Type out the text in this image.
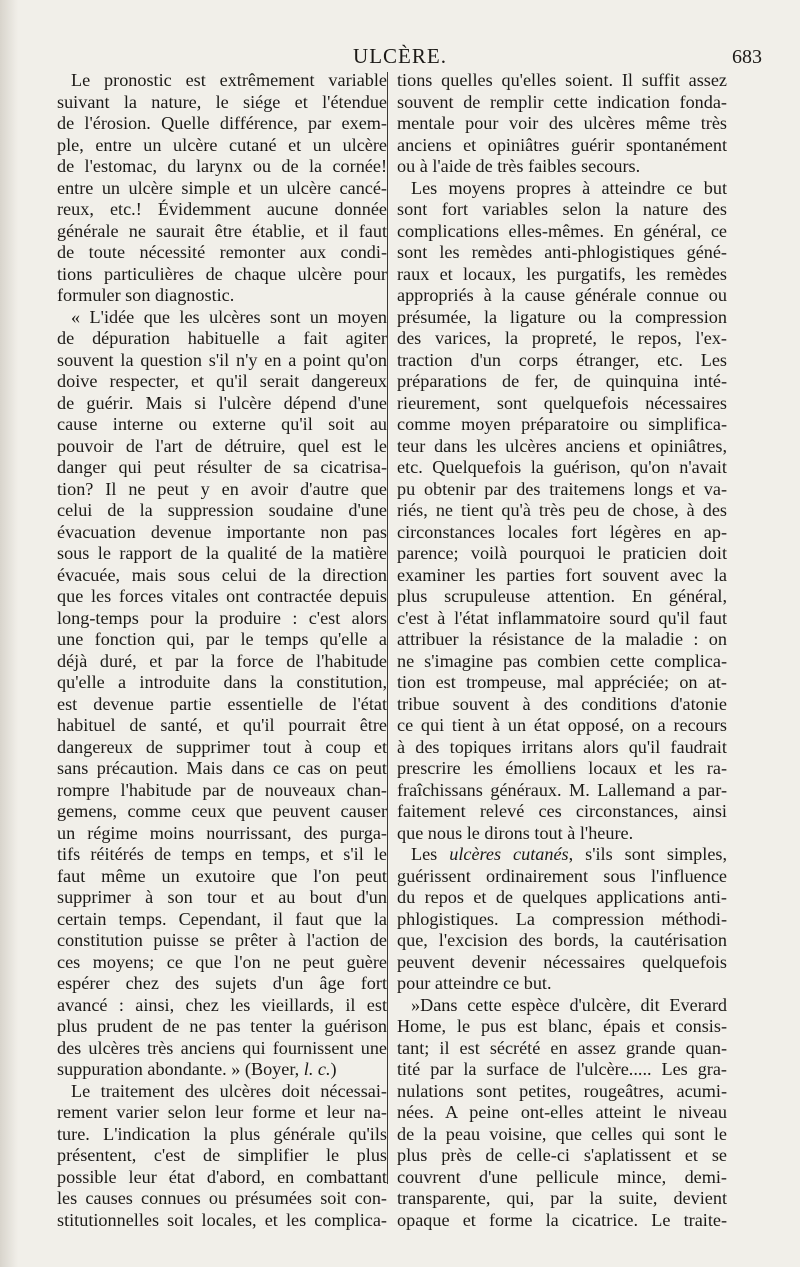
ULCÈRE.	683
Le pronostic est extrêmement variable
suivant la nature, le siége et l'étendue
de l'érosion. Quelle différence, par exem-
ple, entre un ulcère cutané et un ulcère
de l'estomac, du larynx ou de la cornée!
entre un ulcère simple et un ulcère cancé-
reux, etc.! Évidemment aucune donnée
générale ne saurait être établie, et il faut
de toute nécessité remonter aux condi-
tions particulières de chaque ulcère pour
formuler son diagnostic.
« L'idée que les ulcères sont un moyen
de dépuration habituelle a fait agiter
souvent la question s'il n'y en a point qu'on
doive respecter, et qu'il serait dangereux
de guérir. Mais si l'ulcère dépend d'une
cause interne ou externe qu'il soit au
pouvoir de l'art de détruire, quel est le
danger qui peut résulter de sa cicatrisa-
tion? Il ne peut y en avoir d'autre que
celui de la suppression soudaine d'une
évacuation devenue importante non pas
sous le rapport de la qualité de la matière
évacuée, mais sous celui de la direction
que les forces vitales ont contractée depuis
long-temps pour la produire : c'est alors
une fonction qui, par le temps qu'elle a
déjà duré, et par la force de l'habitude
qu'elle a introduite dans la constitution,
est devenue partie essentielle de l'état
habituel de santé, et qu'il pourrait être
dangereux de supprimer tout à coup et
sans précaution. Mais dans ce cas on peut
rompre l'habitude par de nouveaux chan-
gemens, comme ceux que peuvent causer
un régime moins nourrissant, des purga-
tifs réitérés de temps en temps, et s'il le
faut même un exutoire que l'on peut
supprimer à son tour et au bout d'un
certain temps. Cependant, il faut que la
constitution puisse se prêter à l'action de
ces moyens; ce que l'on ne peut guère
espérer chez des sujets d'un âge fort
avancé : ainsi, chez les vieillards, il est
plus prudent de ne pas tenter la guérison
des ulcères très anciens qui fournissent une
suppuration abondante. » (Boyer, l. c.)
Le traitement des ulcères doit nécessai-
rement varier selon leur forme et leur na-
ture. L'indication la plus générale qu'ils
présentent, c'est de simplifier le plus
possible leur état d'abord, en combattant
les causes connues ou présumées soit con-
stitutionnelles soit locales, et les complica-
tions quelles qu'elles soient. Il suffit assez
souvent de remplir cette indication fonda-
mentale pour voir des ulcères même très
anciens et opiniâtres guérir spontanément
ou à l'aide de très faibles secours.
Les moyens propres à atteindre ce but
sont fort variables selon la nature des
complications elles-mêmes. En général, ce
sont les remèdes anti-phlogistiques géné-
raux et locaux, les purgatifs, les remèdes
appropriés à la cause générale connue ou
présumée, la ligature ou la compression
des varices, la propreté, le repos, l'ex-
traction d'un corps étranger, etc. Les
préparations de fer, de quinquina inté-
rieurement, sont quelquefois nécessaires
comme moyen préparatoire ou simplifica-
teur dans les ulcères anciens et opiniâtres,
etc. Quelquefois la guérison, qu'on n'avait
pu obtenir par des traitemens longs et va-
riés, ne tient qu'à très peu de chose, à des
circonstances locales fort légères en ap-
parence; voilà pourquoi le praticien doit
examiner les parties fort souvent avec la
plus scrupuleuse attention. En général,
c'est à l'état inflammatoire sourd qu'il faut
attribuer la résistance de la maladie : on
ne s'imagine pas combien cette complica-
tion est trompeuse, mal appréciée; on at-
tribue souvent à des conditions d'atonie
ce qui tient à un état opposé, on a recours
à des topiques irritans alors qu'il faudrait
prescrire les émolliens locaux et les ra-
fraîchissans généraux. M. Lallemand a par-
faitement relevé ces circonstances, ainsi
que nous le dirons tout à l'heure.
Les ulcères cutanés, s'ils sont simples,
guérissent ordinairement sous l'influence
du repos et de quelques applications anti-
phlogistiques. La compression méthodi-
que, l'excision des bords, la cautérisation
peuvent devenir nécessaires quelquefois
pour atteindre ce but.
»Dans cette espèce d'ulcère, dit Everard
Home, le pus est blanc, épais et consis-
tant; il est sécrété en assez grande quan-
tité par la surface de l'ulcère..... Les gra-
nulations sont petites, rougeâtres, acumi-
nées. A peine ont-elles atteint le niveau
de la peau voisine, que celles qui sont le
plus près de celle-ci s'aplatissent et se
couvrent d'une pellicule mince, demi-
transparente, qui, par la suite, devient
opaque et forme la cicatrice. Le traite-
